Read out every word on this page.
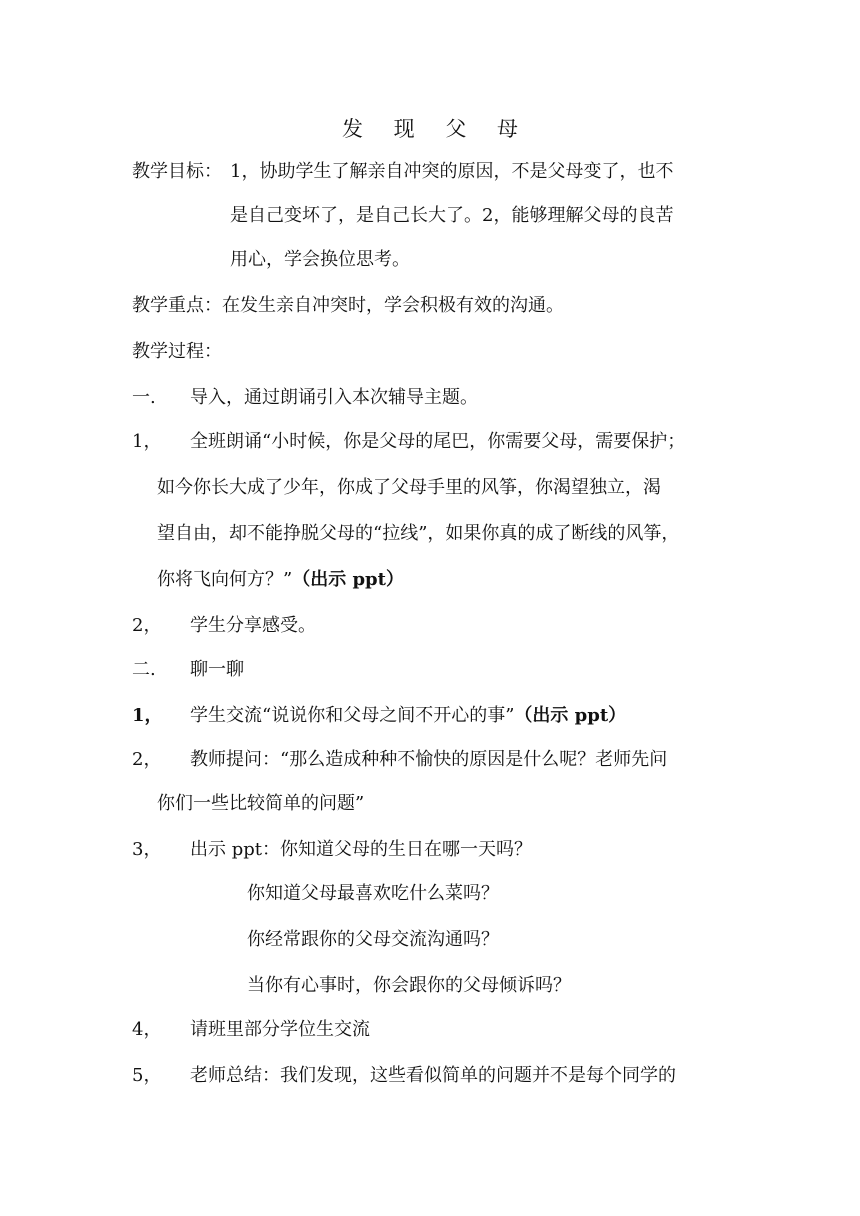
发 现 父 母
教学目标： 1，协助学生了解亲自冲突的原因，不是父母变了，也不
是自己变坏了，是自己长大了。2，能够理解父母的良苦
用心，学会换位思考。
教学重点：在发生亲自冲突时，学会积极有效的沟通。
教学过程：
一. 导入，通过朗诵引入本次辅导主题。
1， 全班朗诵“小时候，你是父母的尾巴，你需要父母，需要保护；
如今你长大成了少年，你成了父母手里的风筝，你渴望独立，渴
望自由，却不能挣脱父母的“拉线”，如果你真的成了断线的风筝，
你将飞向何方？”（出示 ppt）
2， 学生分享感受。
二. 聊一聊
1， 学生交流“说说你和父母之间不开心的事”（出示 ppt）
2， 教师提问：“那么造成种种不愉快的原因是什么呢？老师先问
你们一些比较简单的问题”
3， 出示 ppt：你知道父母的生日在哪一天吗？
你知道父母最喜欢吃什么菜吗？
你经常跟你的父母交流沟通吗？
当你有心事时，你会跟你的父母倾诉吗？
4， 请班里部分学位生交流
5， 老师总结：我们发现，这些看似简单的问题并不是每个同学的
